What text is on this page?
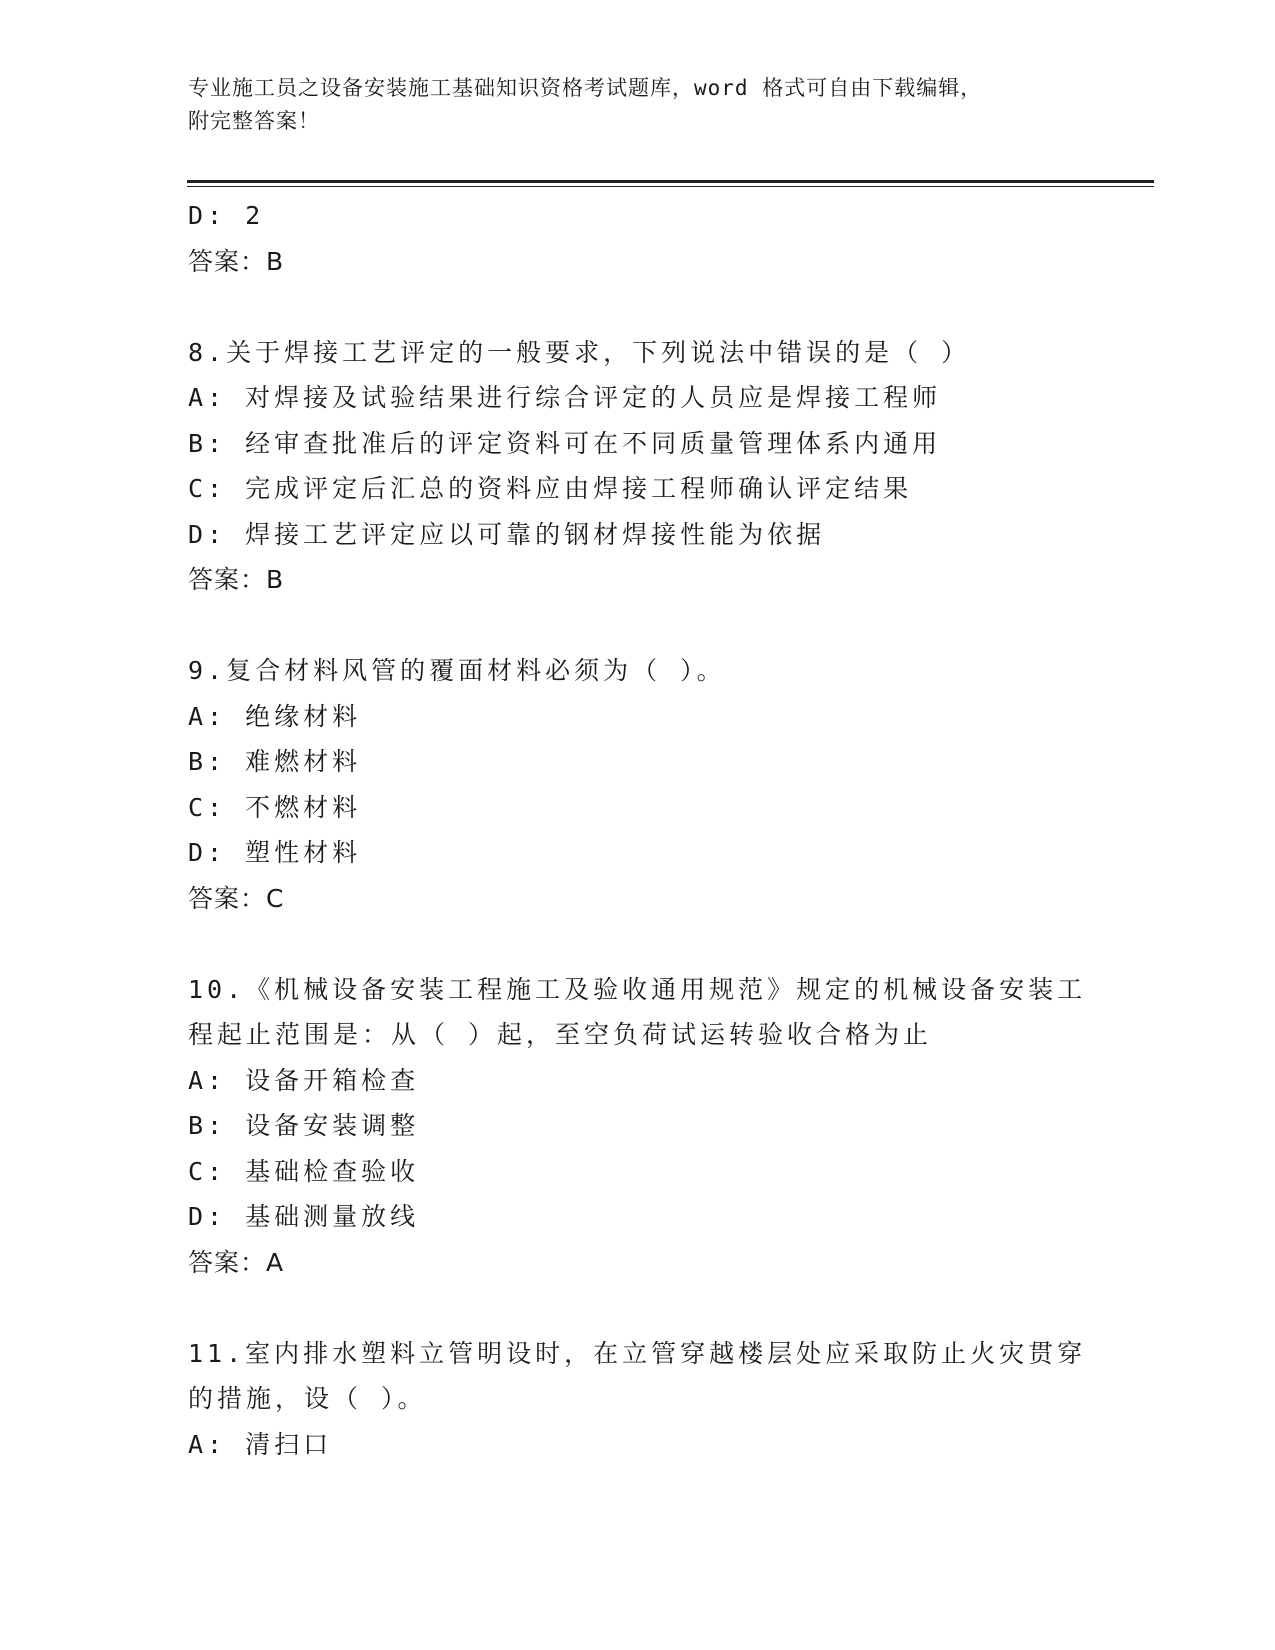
专业施工员之设备安装施工基础知识资格考试题库，word 格式可自由下载编辑，
附完整答案！
D: 2
答案：B
8.关于焊接工艺评定的一般要求，下列说法中错误的是（ ）
A: 对焊接及试验结果进行综合评定的人员应是焊接工程师
B: 经审查批准后的评定资料可在不同质量管理体系内通用
C: 完成评定后汇总的资料应由焊接工程师确认评定结果
D: 焊接工艺评定应以可靠的钢材焊接性能为依据
答案：B
9.复合材料风管的覆面材料必须为（ ）。
A: 绝缘材料
B: 难燃材料
C: 不燃材料
D: 塑性材料
答案：C
10.《机械设备安装工程施工及验收通用规范》规定的机械设备安装工
程起止范围是：从（ ）起，至空负荷试运转验收合格为止
A: 设备开箱检查
B: 设备安装调整
C: 基础检查验收
D: 基础测量放线
答案：A
11.室内排水塑料立管明设时，在立管穿越楼层处应采取防止火灾贯穿
的措施，设（ ）。
A: 清扫口
